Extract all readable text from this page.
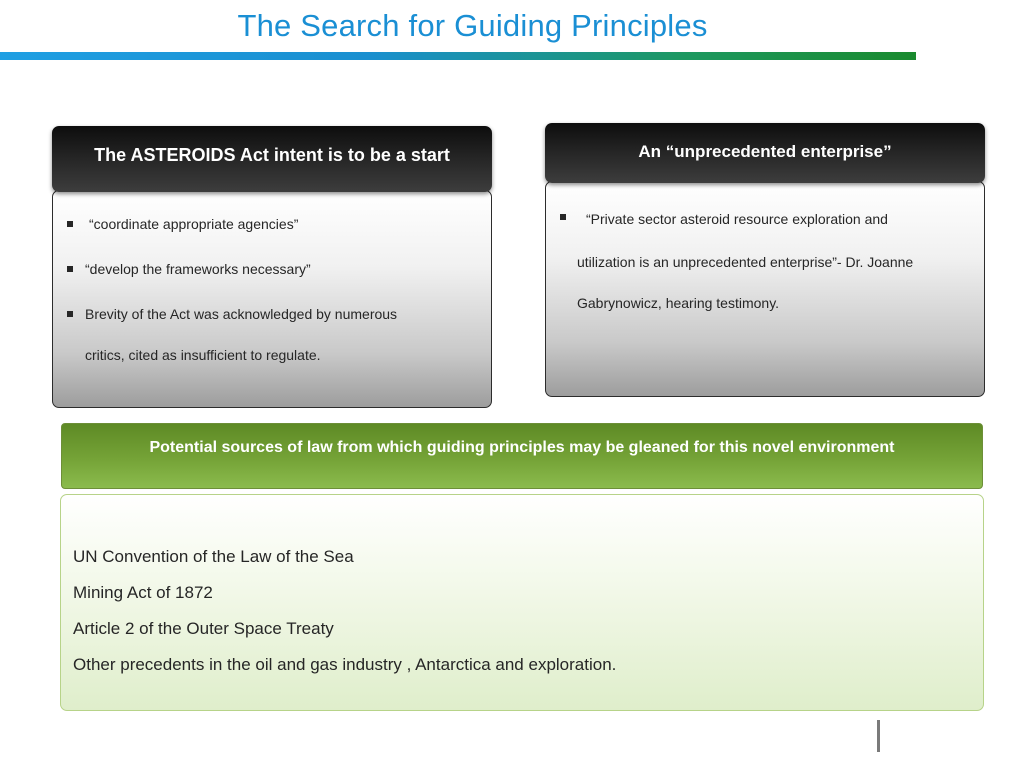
The Search for Guiding Principles
“coordinate appropriate agencies”
“develop the frameworks necessary”
Brevity of the Act was acknowledged by numerous
critics, cited as insufficient to regulate.
The ASTEROIDS Act intent is to be a start
“Private sector asteroid resource exploration and
utilization is an unprecedented enterprise”- Dr. Joanne
Gabrynowicz, hearing testimony.
An “unprecedented enterprise”
Potential sources of law from which guiding principles may be gleaned for this novel environment
UN Convention of the Law of the Sea
Mining Act of 1872
Article 2 of the Outer Space Treaty
Other precedents in the oil and gas industry , Antarctica and exploration.
